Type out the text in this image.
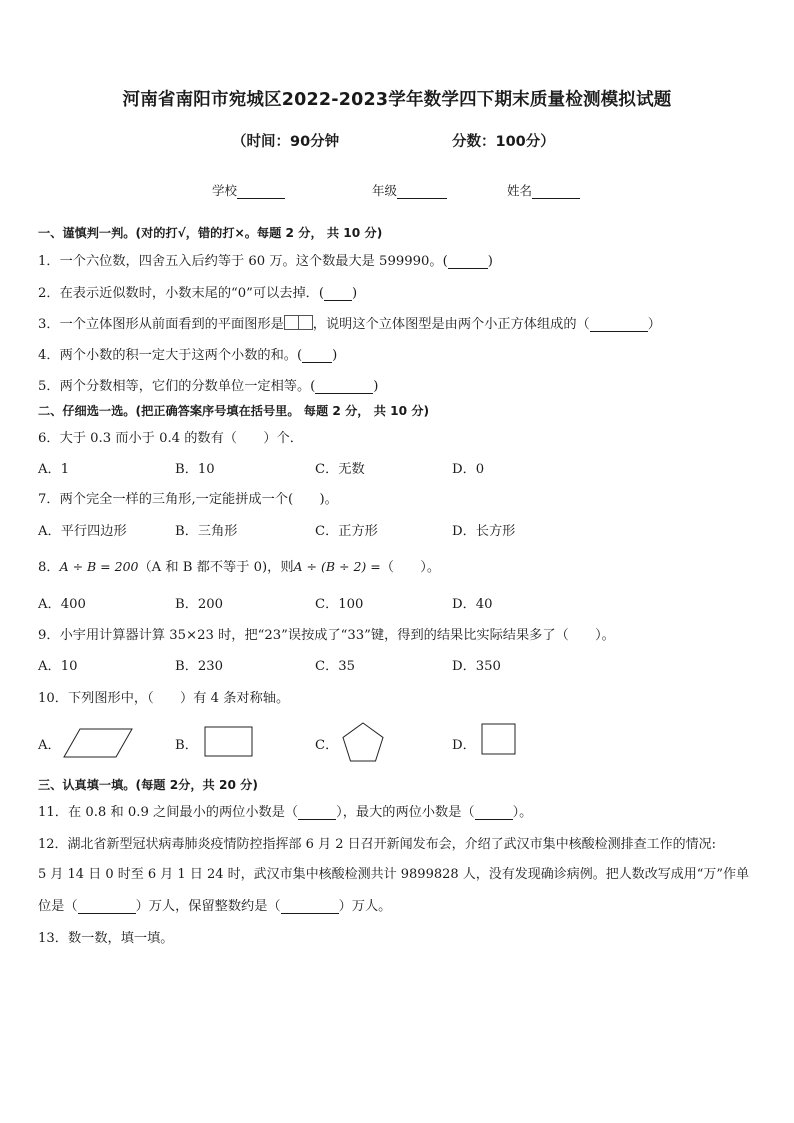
河南省南阳市宛城区2022-2023学年数学四下期末质量检测模拟试题
（时间：90分钟	分数：100分）
学校	年级	姓名
一、谨慎判一判。(对的打√，错的打×。每题 2 分， 共 10 分)
1．一个六位数，四舍五入后约等于 60 万。这个数最大是 599990。(	)
2．在表示近似数时，小数末尾的“0”可以去掉．( )
3．一个立体图形从前面看到的平面图形是 ，说明这个立体图型是由两个小正方体组成的（	）
4．两个小数的积一定大于这两个小数的和。( )
5．两个分数相等，它们的分数单位一定相等。(	)
二、仔细选一选。(把正确答案序号填在括号里。 每题 2 分， 共 10 分)
6．大于 0.3 而小于 0.4 的数有（　　）个．
A．1	B．10	C．无数	D．0
7．两个完全一样的三角形,一定能拼成一个(　　)。
A．平行四边形	B．三角形	C．正方形	D．长方形
8．A ÷ B = 200（A 和 B 都不等于 0)，则A ÷ (B ÷ 2) =（　　）。
A．400	B．200	C．100	D．40
9．小宇用计算器计算 35×23 时，把“23”误按成了“33”键，得到的结果比实际结果多了（　　）。
A．10	B．230	C．35	D．350
10．下列图形中，（　　）有 4 条对称轴。
A．	B．	C．	D．
三、认真填一填。(每题 2分，共 20 分)
11．在 0.8 和 0.9 之间最小的两位小数是（	），最大的两位小数是（	）。
12．湖北省新型冠状病毒肺炎疫情防控指挥部 6 月 2 日召开新闻发布会，介绍了武汉市集中核酸检测排查工作的情况:
5 月 14 日 0 时至 6 月 1 日 24 时，武汉市集中核酸检测共计 9899828 人，没有发现确诊病例。把人数改写成用“万”作单
位是（	）万人，保留整数约是（	）万人。
13．数一数，填一填。
